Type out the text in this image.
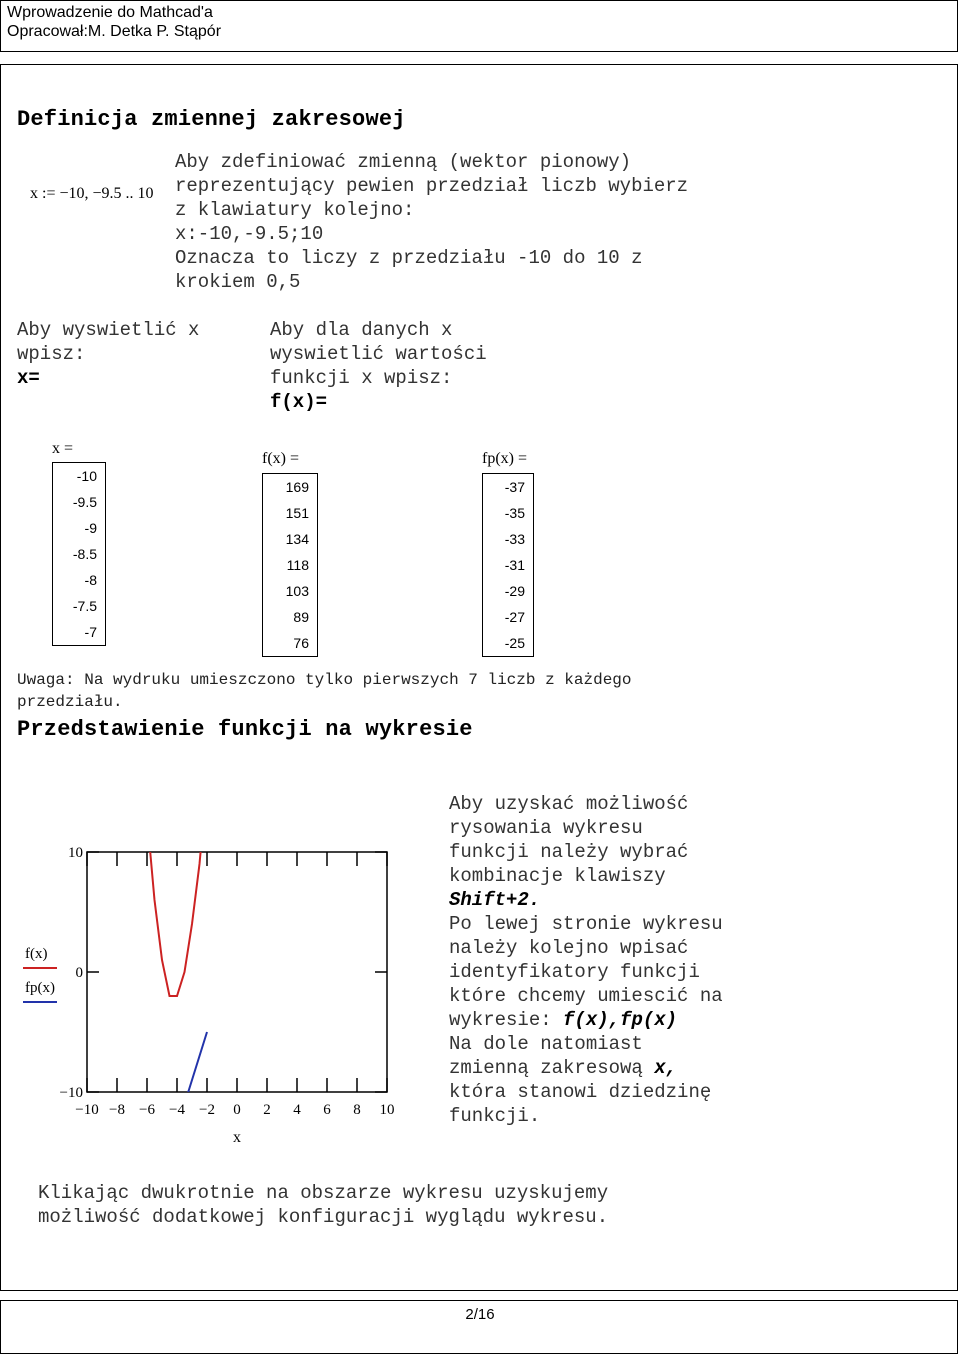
Wprowadzenie do Mathcad'a
Opracował:M. Detka P. Stąpór
Definicja zmiennej zakresowej
x := −10, −9.5 .. 10
Aby zdefiniować zmienną (wektor pionowy)
reprezentujący pewien przedział liczb wybierz
z klawiatury kolejno:
x:-10,-9.5;10
Oznacza to liczy z przedziału -10 do 10 z
krokiem 0,5
Aby wyswietlić x
wpisz:
x=
Aby dla danych x
wyswietlić wartości
funkcji x wpisz:
f(x)=
x =
-10
-9.5
-9
-8.5
-8
-7.5
-7
f(x) =
169
151
134
118
103
89
76
fp(x) =
-37
-35
-33
-31
-29
-27
-25
Uwaga: Na wydruku umieszczono tylko pierwszych 7 liczb z każdego
przedziału.
Przedstawienie funkcji na wykresie
−10 −8 −6 −4 −2 0 2 4 6 8 10
10
0
−10
x
f(x)
fp(x)
Aby uzyskać możliwość
rysowania wykresu
funkcji należy wybrać
kombinacje klawiszy
Shift+2.
Po lewej stronie wykresu
należy kolejno wpisać
identyfikatory funkcji
które chcemy umiescić na
wykresie: f(x),fp(x)
Na dole natomiast
zmienną zakresową x,
która stanowi dziedzinę
funkcji.
Klikając dwukrotnie na obszarze wykresu uzyskujemy
możliwość dodatkowej konfiguracji wyglądu wykresu.
2/16
